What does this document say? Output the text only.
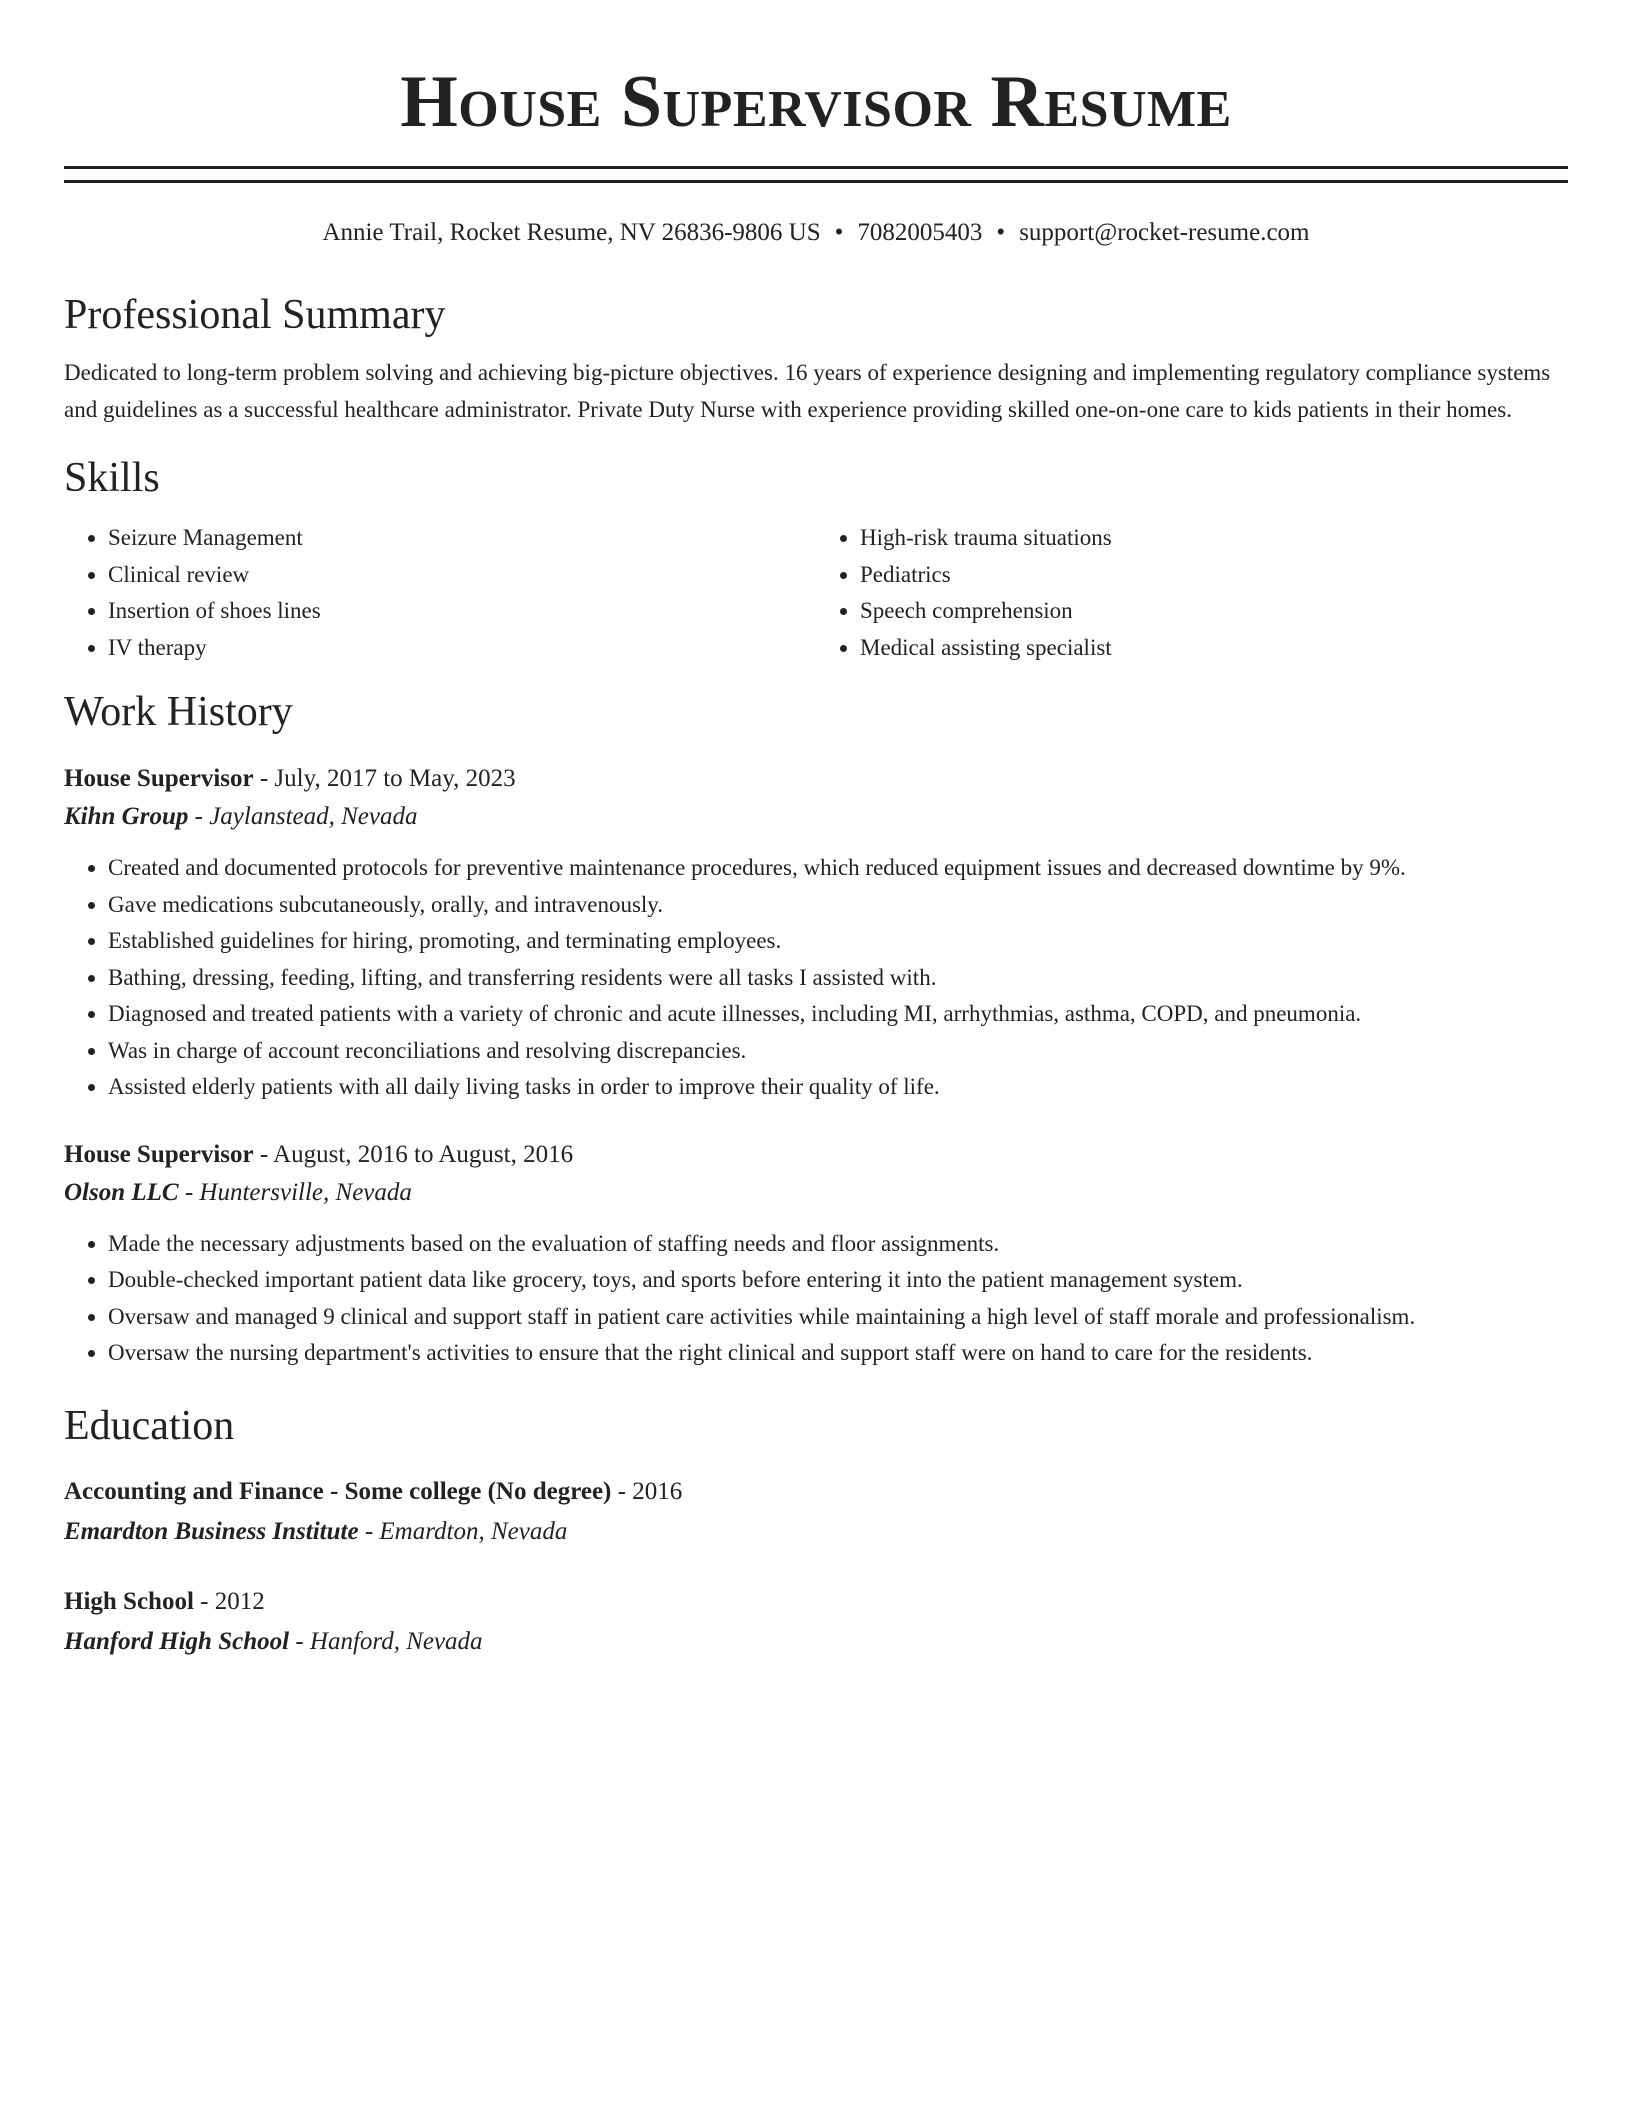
House Supervisor Resume
Annie Trail, Rocket Resume, NV 26836-9806 US • 7082005403 • support@rocket-resume.com
Professional Summary
Dedicated to long-term problem solving and achieving big-picture objectives. 16 years of experience designing and implementing regulatory compliance systems and guidelines as a successful healthcare administrator. Private Duty Nurse with experience providing skilled one-on-one care to kids patients in their homes.
Skills
• Seizure Management
• Clinical review
• Insertion of shoes lines
• IV therapy
• High-risk trauma situations
• Pediatrics
• Speech comprehension
• Medical assisting specialist
Work History
House Supervisor - July, 2017 to May, 2023
Kihn Group - Jaylanstead, Nevada
• Created and documented protocols for preventive maintenance procedures, which reduced equipment issues and decreased downtime by 9%.
• Gave medications subcutaneously, orally, and intravenously.
• Established guidelines for hiring, promoting, and terminating employees.
• Bathing, dressing, feeding, lifting, and transferring residents were all tasks I assisted with.
• Diagnosed and treated patients with a variety of chronic and acute illnesses, including MI, arrhythmias, asthma, COPD, and pneumonia.
• Was in charge of account reconciliations and resolving discrepancies.
• Assisted elderly patients with all daily living tasks in order to improve their quality of life.
House Supervisor - August, 2016 to August, 2016
Olson LLC - Huntersville, Nevada
• Made the necessary adjustments based on the evaluation of staffing needs and floor assignments.
• Double-checked important patient data like grocery, toys, and sports before entering it into the patient management system.
• Oversaw and managed 9 clinical and support staff in patient care activities while maintaining a high level of staff morale and professionalism.
• Oversaw the nursing department's activities to ensure that the right clinical and support staff were on hand to care for the residents.
Education
Accounting and Finance - Some college (No degree) - 2016
Emardton Business Institute - Emardton, Nevada
High School - 2012
Hanford High School - Hanford, Nevada
